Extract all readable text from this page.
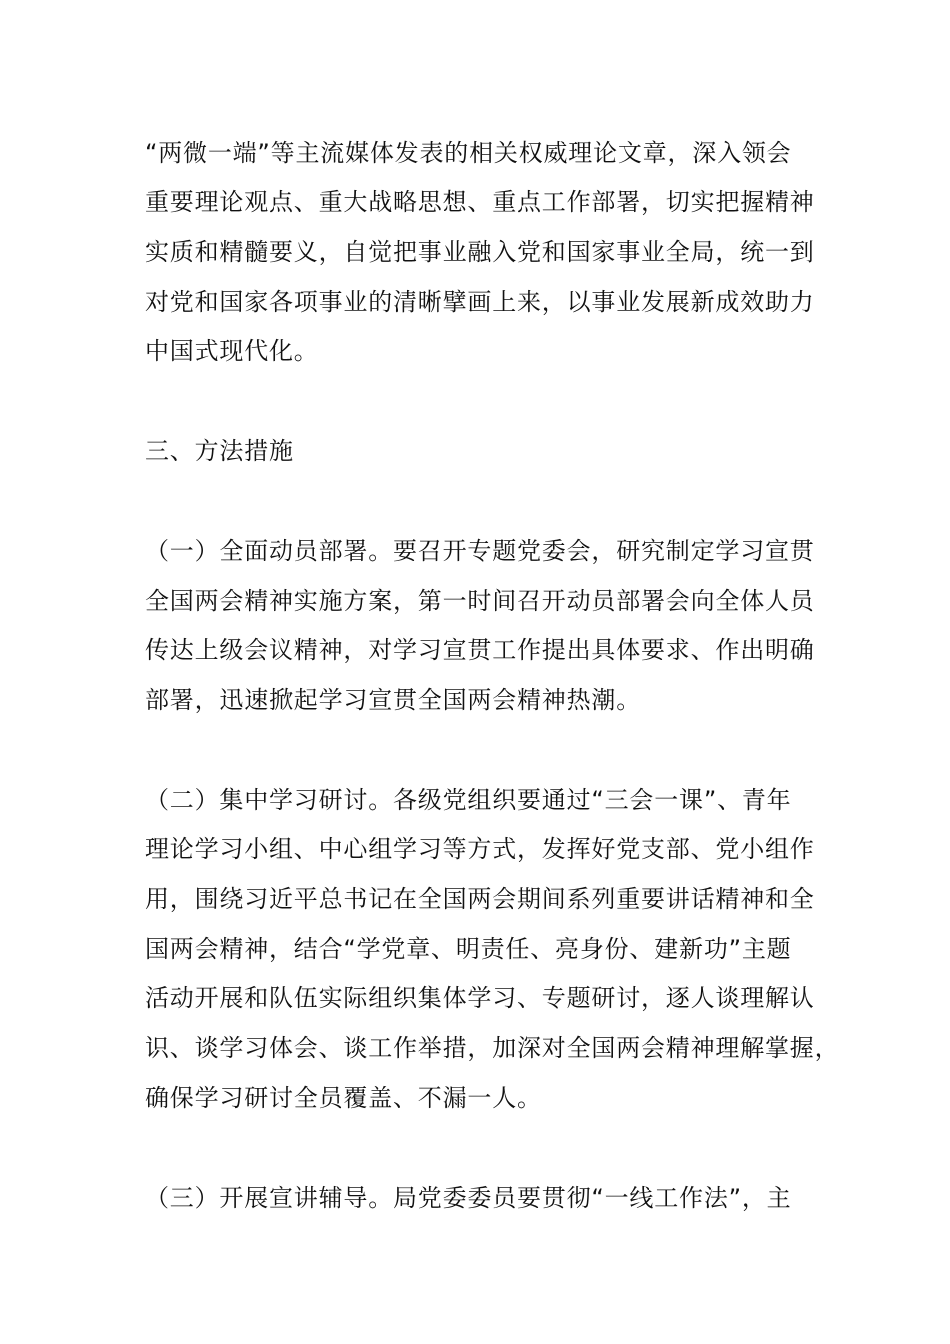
“两微一端”等主流媒体发表的相关权威理论文章，深入领会
重要理论观点、重大战略思想、重点工作部署，切实把握精神
实质和精髓要义，自觉把事业融入党和国家事业全局，统一到
对党和国家各项事业的清晰擘画上来，以事业发展新成效助力
中国式现代化。
三、方法措施
（一）全面动员部署。要召开专题党委会，研究制定学习宣贯
全国两会精神实施方案，第一时间召开动员部署会向全体人员
传达上级会议精神，对学习宣贯工作提出具体要求、作出明确
部署，迅速掀起学习宣贯全国两会精神热潮。
（二）集中学习研讨。各级党组织要通过“三会一课”、青年
理论学习小组、中心组学习等方式，发挥好党支部、党小组作
用，围绕习近平总书记在全国两会期间系列重要讲话精神和全
国两会精神，结合“学党章、明责任、亮身份、建新功”主题
活动开展和队伍实际组织集体学习、专题研讨，逐人谈理解认
识、谈学习体会、谈工作举措，加深对全国两会精神理解掌握，
确保学习研讨全员覆盖、不漏一人。
（三）开展宣讲辅导。局党委委员要贯彻“一线工作法”，主
